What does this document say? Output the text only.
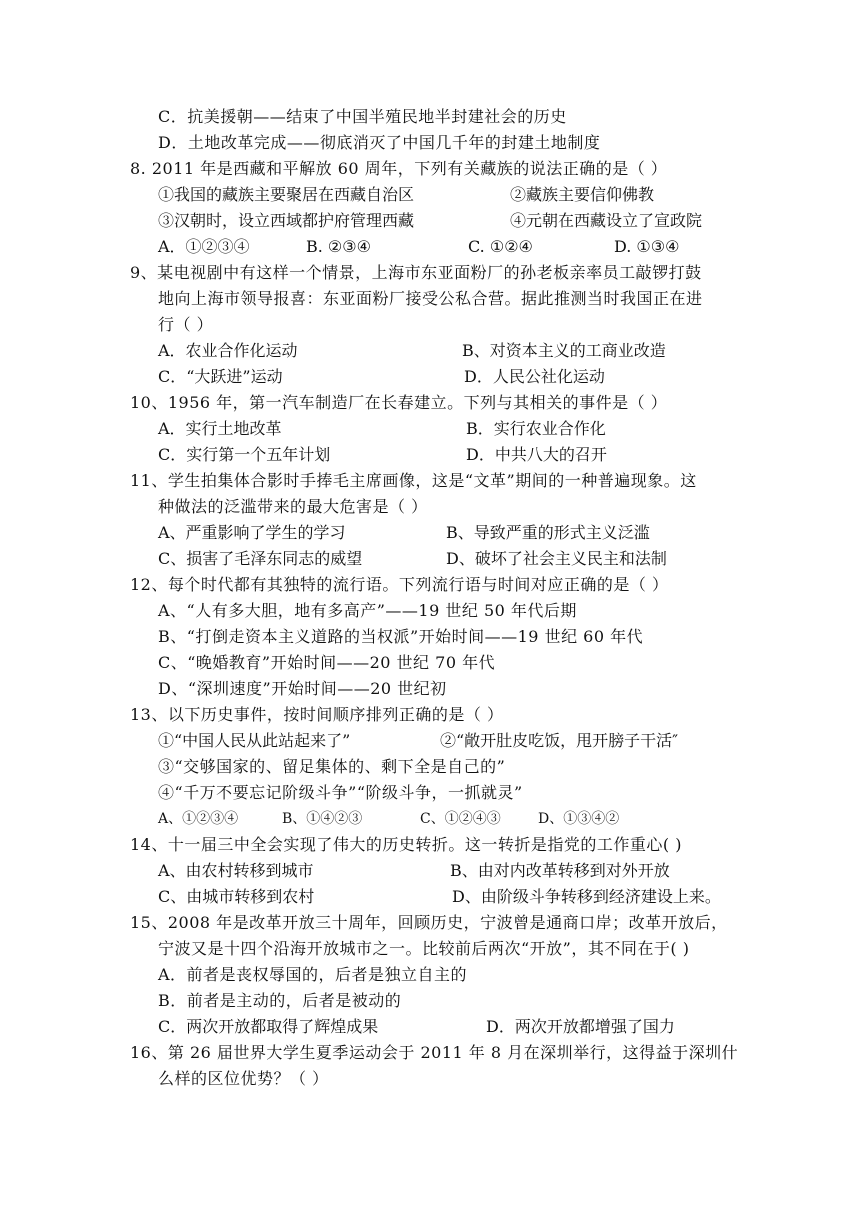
C．抗美援朝——结束了中国半殖民地半封建社会的历史
D．土地改革完成——彻底消灭了中国几千年的封建土地制度
8. 2011 年是西藏和平解放 60 周年，下列有关藏族的说法正确的是（ ）
①我国的藏族主要聚居在西藏自治区	②藏族主要信仰佛教
③汉朝时，设立西域都护府管理西藏	④元朝在西藏设立了宣政院
A．①②③④	B. ②③④	C. ①②④	D. ①③④
9、某电视剧中有这样一个情景，上海市东亚面粉厂的孙老板亲率员工敲锣打鼓
地向上海市领导报喜：东亚面粉厂接受公私合营。据此推测当时我国正在进
行（ ）
A．农业合作化运动	B、对资本主义的工商业改造
C．“大跃进”运动	D．人民公社化运动
10、1956 年，第一汽车制造厂在长春建立。下列与其相关的事件是（ ）
A．实行土地改革	B．实行农业合作化
C．实行第一个五年计划	D．中共八大的召开
11、学生拍集体合影时手捧毛主席画像，这是“文革”期间的一种普遍现象。这
种做法的泛滥带来的最大危害是（ ）
A、严重影响了学生的学习	B、导致严重的形式主义泛滥
C、损害了毛泽东同志的威望	D、破坏了社会主义民主和法制
12、每个时代都有其独特的流行语。下列流行语与时间对应正确的是（ ）
A、“人有多大胆，地有多高产”——19 世纪 50 年代后期
B、“打倒走资本主义道路的当权派”开始时间——19 世纪 60 年代
C、“晚婚教育”开始时间——20 世纪 70 年代
D、“深圳速度”开始时间——20 世纪初
13、以下历史事件，按时间顺序排列正确的是（ ）
①“中国人民从此站起来了”	②“敞开肚皮吃饭，甩开膀子干活″
③“交够国家的、留足集体的、剩下全是自己的”
④“千万不要忘记阶级斗争”“阶级斗争，一抓就灵”
A、①②③④	B、①④②③	C、①②④③	D、①③④②
14、十一届三中全会实现了伟大的历史转折。这一转折是指党的工作重心( )
A、由农村转移到城市	B、由对内改革转移到对外开放
C、由城市转移到农村	D、由阶级斗争转移到经济建设上来。
15、2008 年是改革开放三十周年，回顾历史，宁波曾是通商口岸；改革开放后，
宁波又是十四个沿海开放城市之一。比较前后两次“开放”，其不同在于( )
A．前者是丧权辱国的，后者是独立自主的
B．前者是主动的，后者是被动的
C．两次开放都取得了辉煌成果	D．两次开放都增强了国力
16、第 26 届世界大学生夏季运动会于 2011 年 8 月在深圳举行，这得益于深圳什
么样的区位优势？（ ）
